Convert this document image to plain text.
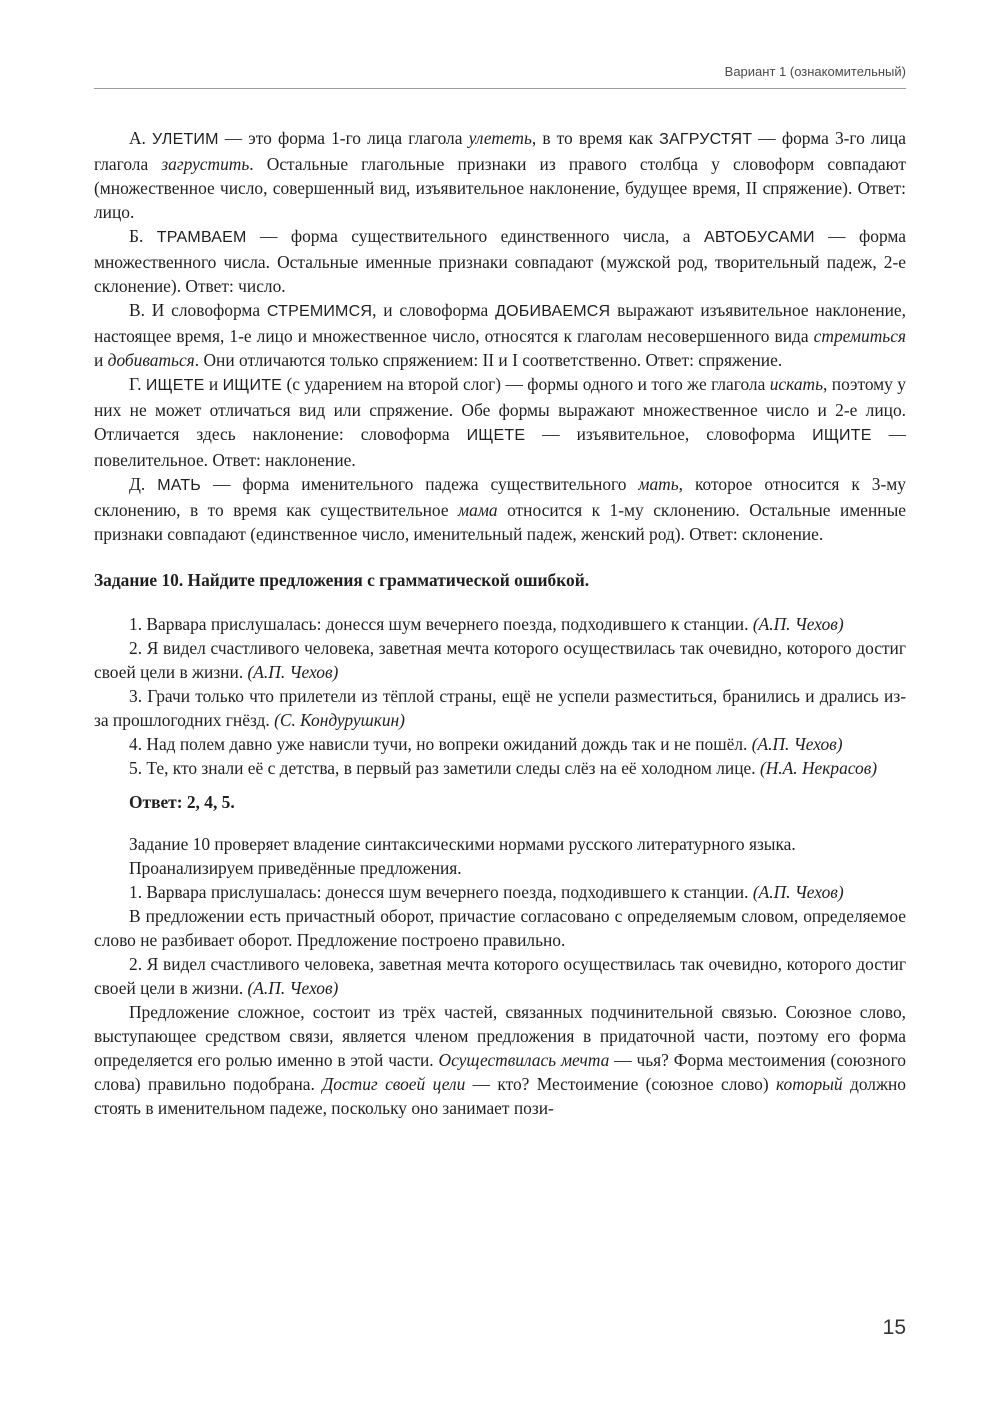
Вариант 1 (ознакомительный)

А. УЛЕТИМ — это форма 1-го лица глагола улететь, в то время как ЗАГРУСТЯТ — форма 3-го лица глагола загрустить. Остальные глагольные признаки из правого столбца у словоформ совпадают (множественное число, совершенный вид, изъявительное наклонение, будущее время, II спряжение). Ответ: лицо.

Б. ТРАМВАЕМ — форма существительного единственного числа, а АВТОБУСАМИ — форма множественного числа. Остальные именные признаки совпадают (мужской род, творительный падеж, 2-е склонение). Ответ: число.

В. И словоформа СТРЕМИМСЯ, и словоформа ДОБИВАЕМСЯ выражают изъявительное наклонение, настоящее время, 1-е лицо и множественное число, относятся к глаголам несовершенного вида стремиться и добиваться. Они отличаются только спряжением: II и I соответственно. Ответ: спряжение.

Г. ИЩЕТЕ и ИЩИТЕ (с ударением на второй слог) — формы одного и того же глагола искать, поэтому у них не может отличаться вид или спряжение. Обе формы выражают множественное число и 2-е лицо. Отличается здесь наклонение: словоформа ИЩЕТЕ — изъявительное, словоформа ИЩИТЕ — повелительное. Ответ: наклонение.

Д. МАТЬ — форма именительного падежа существительного мать, которое относится к 3-му склонению, в то время как существительное мама относится к 1-му склонению. Остальные именные признаки совпадают (единственное число, именительный падеж, женский род). Ответ: склонение.

Задание 10. Найдите предложения с грамматической ошибкой.

1. Варвара прислушалась: донесся шум вечернего поезда, подходившего к станции. (А.П. Чехов)

2. Я видел счастливого человека, заветная мечта которого осуществилась так очевидно, которого достиг своей цели в жизни. (А.П. Чехов)

3. Грачи только что прилетели из тёплой страны, ещё не успели разместиться, бранились и дрались из-за прошлогодних гнёзд. (С. Кондурушкин)

4. Над полем давно уже нависли тучи, но вопреки ожиданий дождь так и не пошёл. (А.П. Чехов)

5. Те, кто знали её с детства, в первый раз заметили следы слёз на её холодном лице. (Н.А. Некрасов)

Ответ: 2, 4, 5.

Задание 10 проверяет владение синтаксическими нормами русского литературного языка.

Проанализируем приведённые предложения.

1. Варвара прислушалась: донесся шум вечернего поезда, подходившего к станции. (А.П. Чехов)

В предложении есть причастный оборот, причастие согласовано с определяемым словом, определяемое слово не разбивает оборот. Предложение построено правильно.

2. Я видел счастливого человека, заветная мечта которого осуществилась так очевидно, которого достиг своей цели в жизни. (А.П. Чехов)

Предложение сложное, состоит из трёх частей, связанных подчинительной связью. Союзное слово, выступающее средством связи, является членом предложения в придаточной части, поэтому его форма определяется его ролью именно в этой части. Осуществилась мечта — чья? Форма местоимения (союзного слова) правильно подобрана. Достиг своей цели — кто? Местоимение (союзное слово) который должно стоять в именительном падеже, поскольку оно занимает пози-

15
